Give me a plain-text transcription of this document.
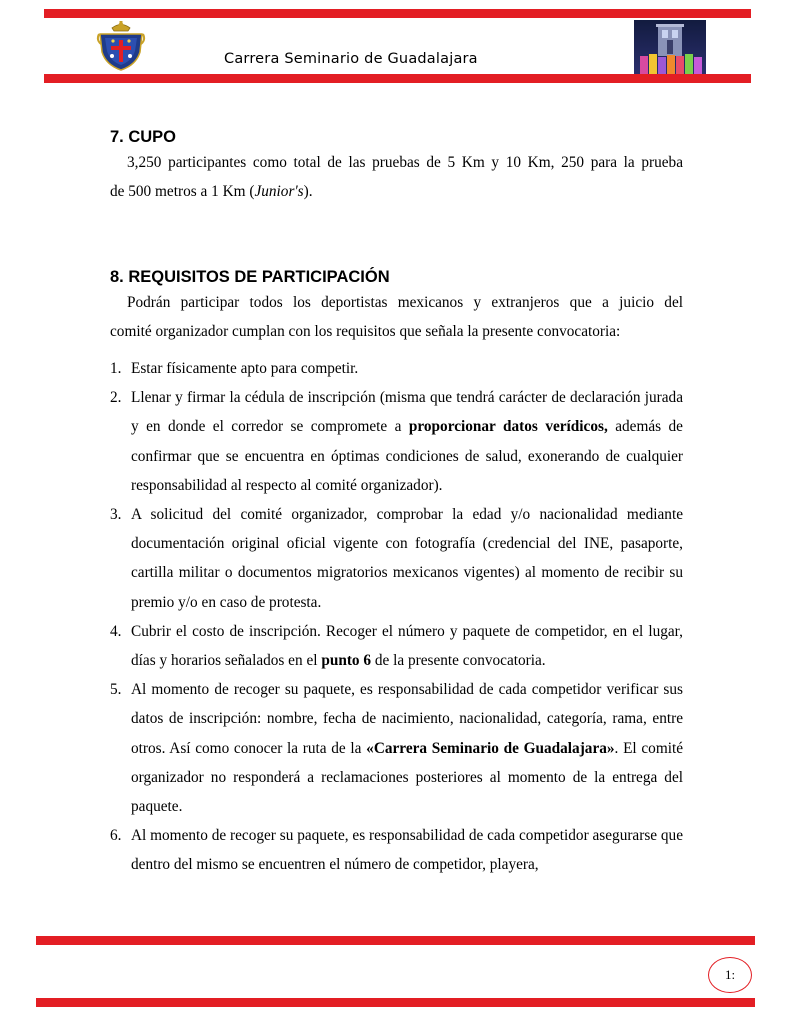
Carrera Seminario de Guadalajara
7. CUPO
3,250 participantes como total de las pruebas de 5 Km y 10 Km, 250 para la prueba
de 500 metros a 1 Km (Junior's).
8. REQUISITOS DE PARTICIPACIÓN
Podrán participar todos los deportistas mexicanos y extranjeros que a juicio del
comité organizador cumplan con los requisitos que señala la presente convocatoria:
1. Estar físicamente apto para competir.
2. Llenar y firmar la cédula de inscripción (misma que tendrá carácter de declaración jurada y en donde el corredor se compromete a proporcionar datos verídicos, además de confirmar que se encuentra en óptimas condiciones de salud, exonerando de cualquier responsabilidad al respecto al comité organizador).
3. A solicitud del comité organizador, comprobar la edad y/o nacionalidad mediante documentación original oficial vigente con fotografía (credencial del INE, pasaporte, cartilla militar o documentos migratorios mexicanos vigentes) al momento de recibir su premio y/o en caso de protesta.
4. Cubrir el costo de inscripción. Recoger el número y paquete de competidor, en el lugar, días y horarios señalados en el punto 6 de la presente convocatoria.
5. Al momento de recoger su paquete, es responsabilidad de cada competidor verificar sus datos de inscripción: nombre, fecha de nacimiento, nacionalidad, categoría, rama, entre otros. Así como conocer la ruta de la «Carrera Seminario de Guadalajara». El comité organizador no responderá a reclamaciones posteriores al momento de la entrega del paquete.
6. Al momento de recoger su paquete, es responsabilidad de cada competidor asegurarse que dentro del mismo se encuentren el número de competidor, playera,
1:
